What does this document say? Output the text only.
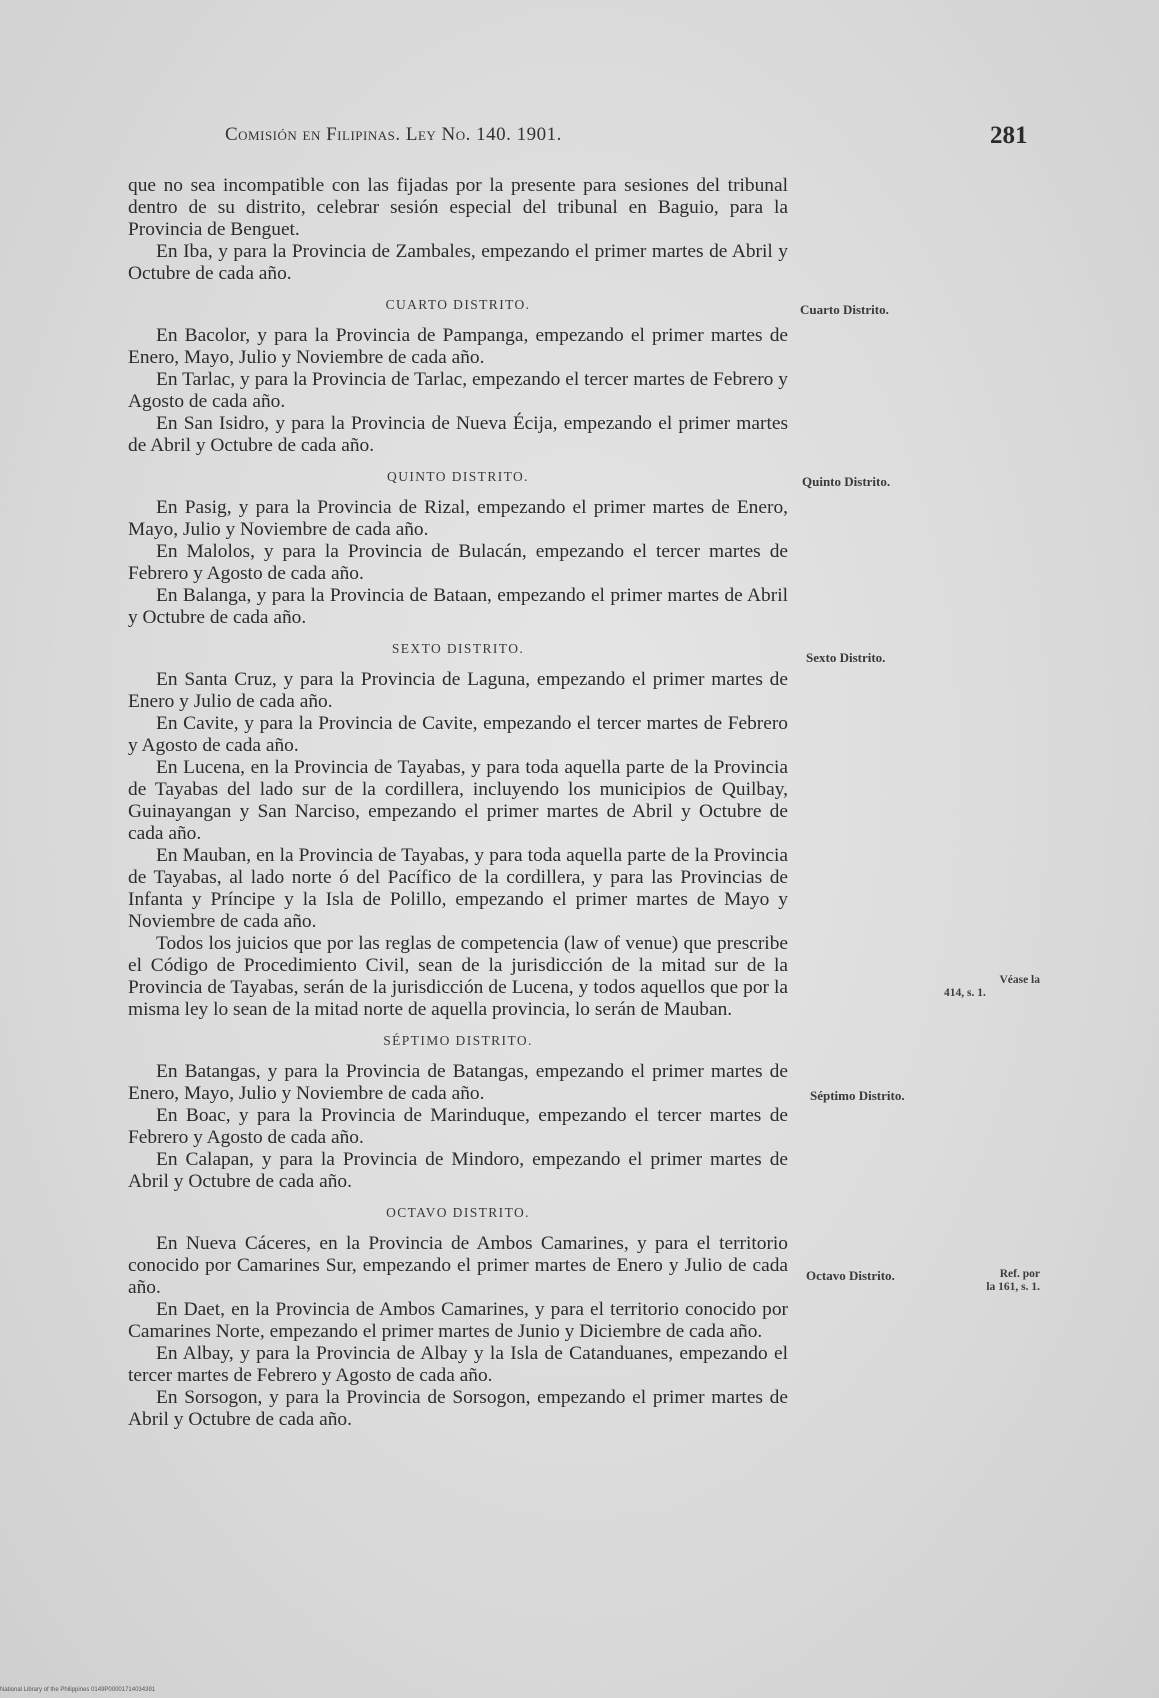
Comisión en Filipinas. Ley No. 140. 1901.	281

que no sea incompatible con las fijadas por la presente para sesiones del tribunal dentro de su distrito, celebrar sesión especial del tribunal en Baguio, para la Provincia de Benguet.

En Iba, y para la Provincia de Zambales, empezando el primer martes de Abril y Octubre de cada año.

CUARTO DISTRITO.

En Bacolor, y para la Provincia de Pampanga, empezando el primer martes de Enero, Mayo, Julio y Noviembre de cada año.

En Tarlac, y para la Provincia de Tarlac, empezando el tercer martes de Febrero y Agosto de cada año.

En San Isidro, y para la Provincia de Nueva Écija, empezando el primer martes de Abril y Octubre de cada año.

QUINTO DISTRITO.

En Pasig, y para la Provincia de Rizal, empezando el primer martes de Enero, Mayo, Julio y Noviembre de cada año.

En Malolos, y para la Provincia de Bulacán, empezando el tercer martes de Febrero y Agosto de cada año.

En Balanga, y para la Provincia de Bataan, empezando el primer martes de Abril y Octubre de cada año.

SEXTO DISTRITO.

En Santa Cruz, y para la Provincia de Laguna, empezando el primer martes de Enero y Julio de cada año.

En Cavite, y para la Provincia de Cavite, empezando el tercer martes de Febrero y Agosto de cada año.

En Lucena, en la Provincia de Tayabas, y para toda aquella parte de la Provincia de Tayabas del lado sur de la cordillera, incluyendo los municipios de Quilbay, Guinayangan y San Narciso, empezando el primer martes de Abril y Octubre de cada año.

En Mauban, en la Provincia de Tayabas, y para toda aquella parte de la Provincia de Tayabas, al lado norte ó del Pacífico de la cordillera, y para las Provincias de Infanta y Príncipe y la Isla de Polillo, empezando el primer martes de Mayo y Noviembre de cada año.

Todos los juicios que por las reglas de competencia (law of venue) que prescribe el Código de Procedimiento Civil, sean de la jurisdicción de la mitad sur de la Provincia de Tayabas, serán de la jurisdicción de Lucena, y todos aquellos que por la misma ley lo sean de la mitad norte de aquella provincia, lo serán de Mauban.

SÉPTIMO DISTRITO.

En Batangas, y para la Provincia de Batangas, empezando el primer martes de Enero, Mayo, Julio y Noviembre de cada año.

En Boac, y para la Provincia de Marinduque, empezando el tercer martes de Febrero y Agosto de cada año.

En Calapan, y para la Provincia de Mindoro, empezando el primer martes de Abril y Octubre de cada año.

OCTAVO DISTRITO.

En Nueva Cáceres, en la Provincia de Ambos Camarines, y para el territorio conocido por Camarines Sur, empezando el primer martes de Enero y Julio de cada año.

En Daet, en la Provincia de Ambos Camarines, y para el territorio conocido por Camarines Norte, empezando el primer martes de Junio y Diciembre de cada año.

En Albay, y para la Provincia de Albay y la Isla de Catanduanes, empezando el tercer martes de Febrero y Agosto de cada año.

En Sorsogon, y para la Provincia de Sorsogon, empezando el primer martes de Abril y Octubre de cada año.

Cuarto Distrito.
Quinto Distrito.
Sexto Distrito.
Véase la
414, s. 1.
Séptimo Distrito.
Octavo Distrito.	Ref. por
la 161, s. 1.
National Library of the Philippines 0149P00001714034391
